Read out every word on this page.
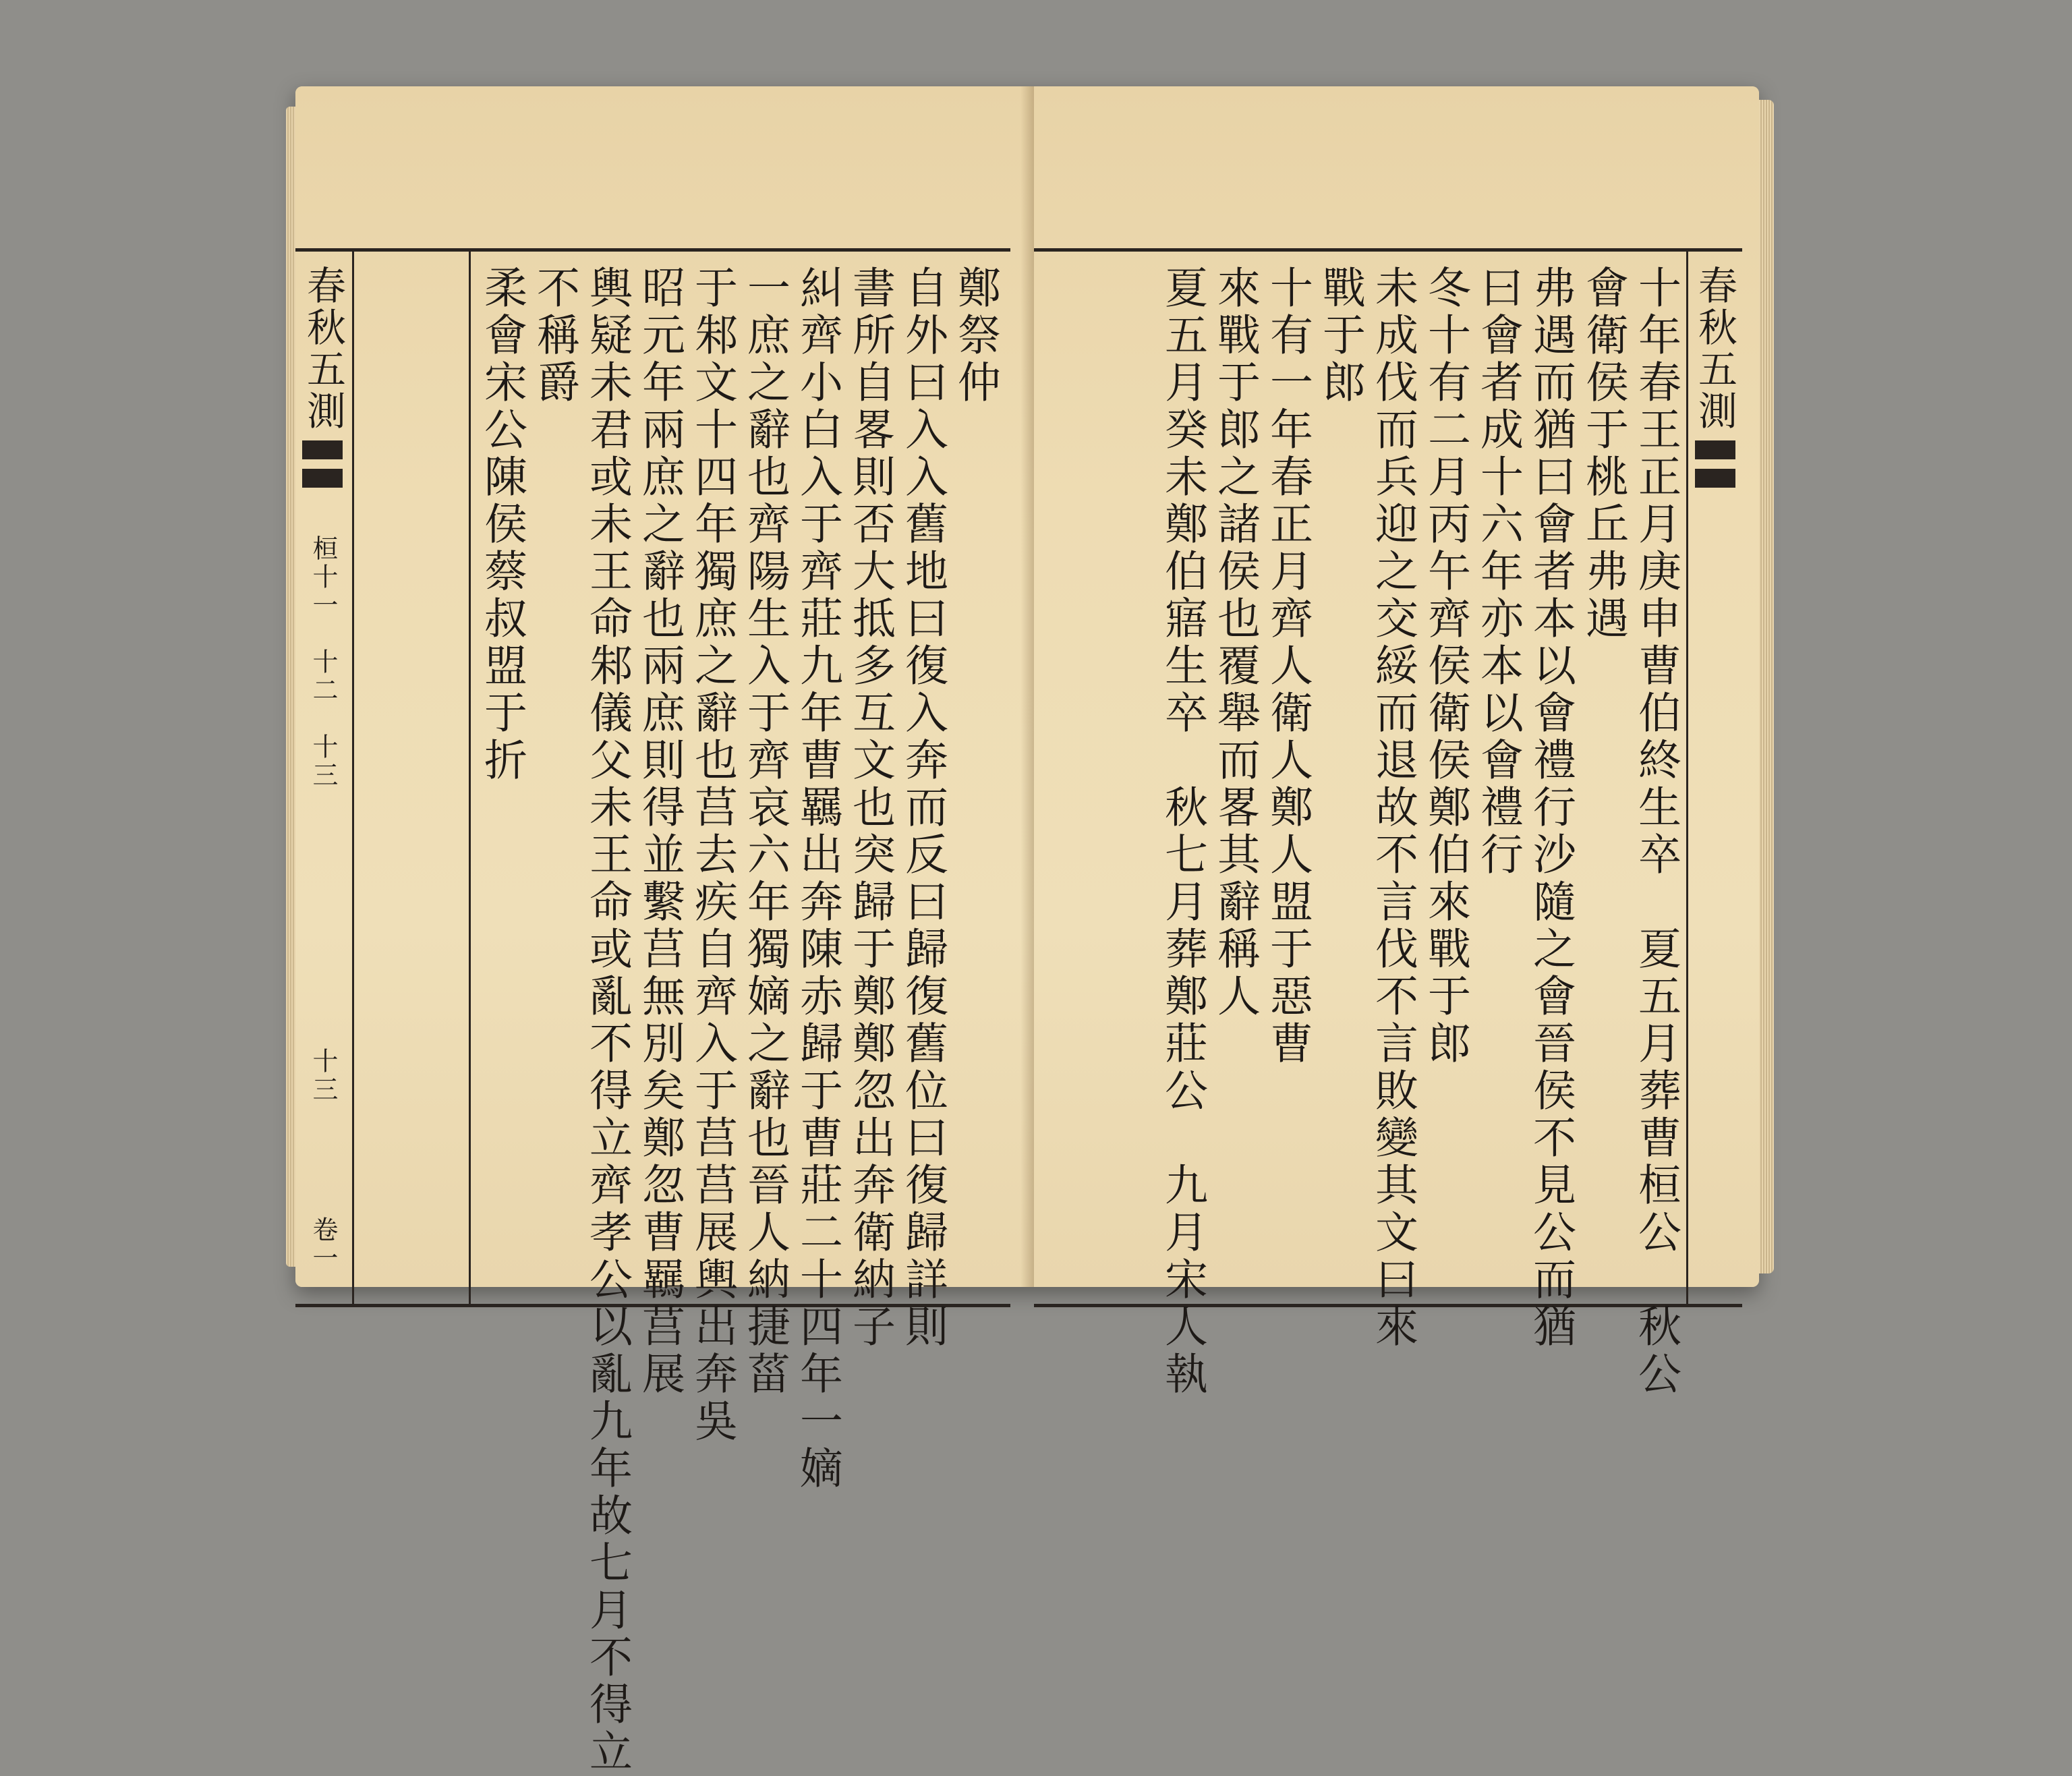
鄭祭仲
自外曰入入舊地曰復入奔而反曰歸復舊位曰復歸詳則
書所自畧則否大抵多互文也突歸于鄭鄭忽出奔衛納子
糾齊小白入于齊莊九年曹羈出奔陳赤歸于曹莊二十四年一嫡
一庶之辭也齊陽生入于齊哀六年獨嫡之辭也晉人納捷菑
于邾文十四年獨庶之辭也莒去疾自齊入于莒莒展輿出奔吳
昭元年兩庶之辭也兩庶則得並繫莒無別矣鄭忽曹羈莒展
輿疑未君或未王命邾儀父未王命或亂不得立齊孝公以亂九年故七月不得立
不稱爵
柔會宋公陳侯蔡叔盟于折
春秋五測
桓十一　十二　十三
十三
卷一
春秋五測
十年春王正月庚申曹伯終生卒　夏五月葬曹桓公　秋公
會衛侯于桃丘弗遇
弗遇而猶曰會者本以會禮行沙隨之會晉侯不見公而猶
曰會者成十六年亦本以會禮行
冬十有二月丙午齊侯衛侯鄭伯來戰于郎
未成伐而兵迎之交綏而退故不言伐不言敗變其文曰來
戰于郎
十有一年春正月齊人衛人鄭人盟于惡曹
來戰于郎之諸侯也覆舉而畧其辭稱人
夏五月癸未鄭伯寤生卒　秋七月葬鄭莊公　九月宋人執
